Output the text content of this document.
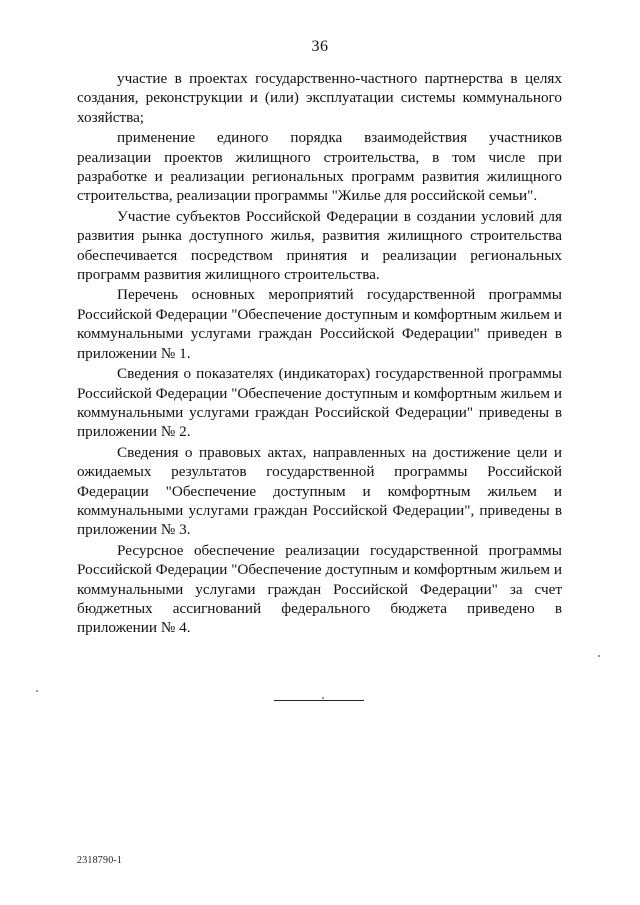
36

участие в проектах государственно-частного партнерства в целях создания, реконструкции и (или) эксплуатации системы коммунального хозяйства;

применение единого порядка взаимодействия участников реализации проектов жилищного строительства, в том числе при разработке и реализации региональных программ развития жилищного строительства, реализации программы "Жилье для российской семьи".

Участие субъектов Российской Федерации в создании условий для развития рынка доступного жилья, развития жилищного строительства обеспечивается посредством принятия и реализации региональных программ развития жилищного строительства.

Перечень основных мероприятий государственной программы Российской Федерации "Обеспечение доступным и комфортным жильем и коммунальными услугами граждан Российской Федерации" приведен в приложении № 1.

Сведения о показателях (индикаторах) государственной программы Российской Федерации "Обеспечение доступным и комфортным жильем и коммунальными услугами граждан Российской Федерации" приведены в приложении № 2.

Сведения о правовых актах, направленных на достижение цели и ожидаемых результатов государственной программы Российской Федерации "Обеспечение доступным и комфортным жильем и коммунальными услугами граждан Российской Федерации", приведены в приложении № 3.

Ресурсное обеспечение реализации государственной программы Российской Федерации "Обеспечение доступным и комфортным жильем и коммунальными услугами граждан Российской Федерации" за счет бюджетных ассигнований федерального бюджета приведено в приложении № 4.

2318790-1
